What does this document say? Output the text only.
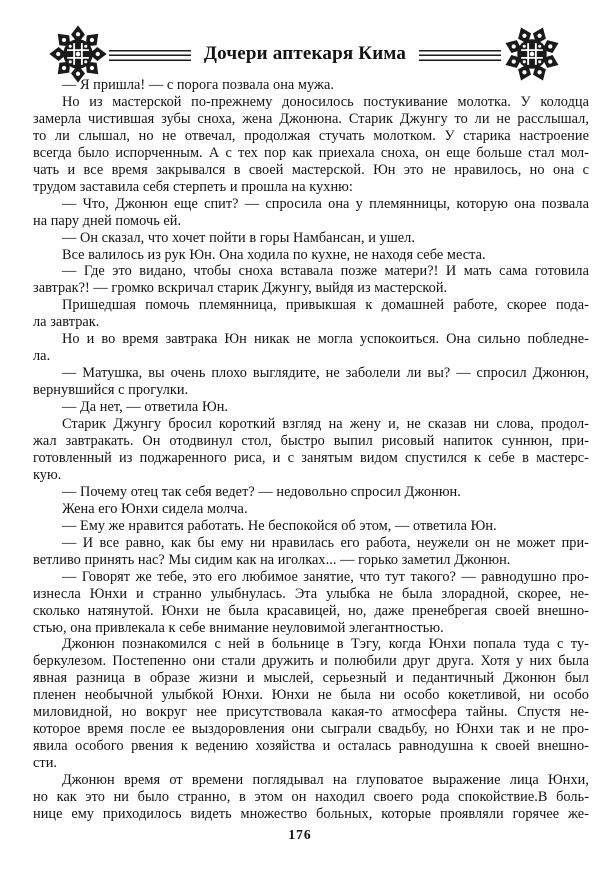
Дочери аптекаря Кима
— Я пришла! — с порога позвала она мужа.
Но из мастерской по-прежнему доносилось постукивание молотка. У колодца
замерла чистившая зубы сноха, жена Джонюна. Старик Джунгу то ли не расслышал,
то ли слышал, но не отвечал, продолжая стучать молотком. У старика настроение
всегда было испорченным. А с тех пор как приехала сноха, он еще больше стал мол-
чать и все время закрывался в своей мастерской. Юн это не нравилось, но она с
трудом заставила себя стерпеть и прошла на кухню:
— Что, Джонюн еще спит? — спросила она у племянницы, которую она позвала
на пару дней помочь ей.
— Он сказал, что хочет пойти в горы Намбансан, и ушел.
Все валилось из рук Юн. Она ходила по кухне, не находя себе места.
— Где это видано, чтобы сноха вставала позже матери?! И мать сама готовила
завтрак?! — громко вскричал старик Джунгу, выйдя из мастерской.
Пришедшая помочь племянница, привыкшая к домашней работе, скорее пода-
ла завтрак.
Но и во время завтрака Юн никак не могла успокоиться. Она сильно побледне-
ла.
— Матушка, вы очень плохо выглядите, не заболели ли вы? — спросил Джонюн,
вернувшийся с прогулки.
— Да нет, — ответила Юн.
Старик Джунгу бросил короткий взгляд на жену и, не сказав ни слова, продол-
жал завтракать. Он отодвинул стол, быстро выпил рисовый напиток суннюн, при-
готовленный из поджаренного риса, и с занятым видом спустился к себе в мастерс-
кую.
— Почему отец так себя ведет? — недовольно спросил Джонюн.
Жена его Юнхи сидела молча.
— Ему же нравится работать. Не беспокойся об этом, — ответила Юн.
— И все равно, как бы ему ни нравилась его работа, неужели он не может при-
ветливо принять нас? Мы сидим как на иголках... — горько заметил Джонюн.
— Говорят же тебе, это его любимое занятие, что тут такого? — равнодушно про-
изнесла Юнхи и странно улыбнулась. Эта улыбка не была злорадной, скорее, не-
сколько натянутой. Юнхи не была красавицей, но, даже пренебрегая своей внешно-
стью, она привлекала к себе внимание неуловимой элегантностью.
Джонюн познакомился с ней в больнице в Тэгу, когда Юнхи попала туда с ту-
беркулезом. Постепенно они стали дружить и полюбили друг друга. Хотя у них была
явная разница в образе жизни и мыслей, серьезный и педантичный Джонюн был
пленен необычной улыбкой Юнхи. Юнхи не была ни особо кокетливой, ни особо
миловидной, но вокруг нее присутствовала какая-то атмосфера тайны. Спустя не-
которое время после ее выздоровления они сыграли свадьбу, но Юнхи так и не про-
явила особого рвения к ведению хозяйства и осталась равнодушна к своей внешно-
сти.
Джонюн время от времени поглядывал на глуповатое выражение лица Юнхи,
но как это ни было странно, в этом он находил своего рода спокойствие.В боль-
нице ему приходилось видеть множество больных, которые проявляли горячее же-
176
